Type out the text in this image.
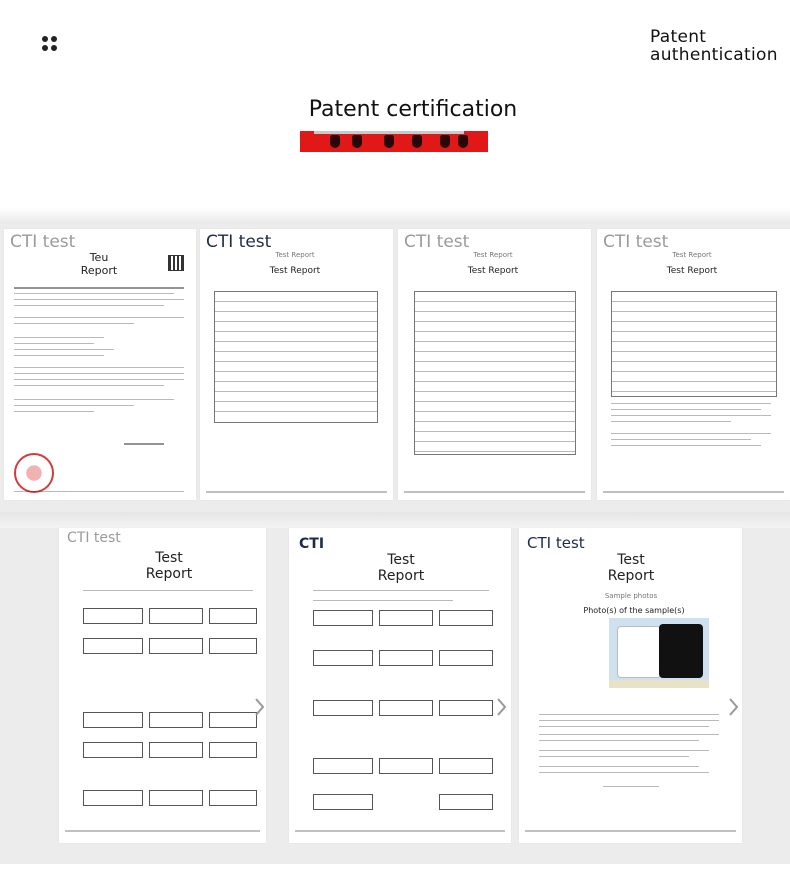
Patent
authentication
Patent certification
CTI test
Teu
Report
CTI test
Test Report
Test Report
CTI test
Test Report
Test Report
CTI test
Test Report
Test Report
CTI test
Test
Report
CTI
Test
Report
CTI test
Test
Report
Sample photos
Photo(s) of the sample(s)
